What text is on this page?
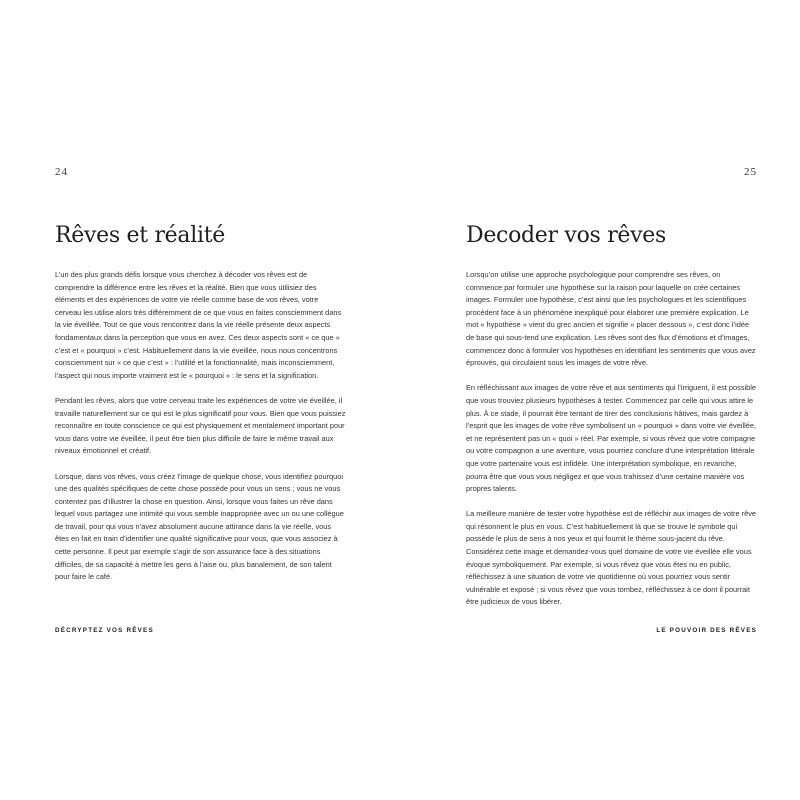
24
Rêves et réalité

L’un des plus grands défis lorsque vous cherchez à décoder vos rêves est de comprendre la différence entre les rêves et la réalité. Bien que vous utilisiez des éléments et des expériences de votre vie réelle comme base de vos rêves, votre cerveau les utilise alors très différemment de ce que vous en faites consciemment dans la vie éveillée. Tout ce que vous rencontrez dans la vie réelle présente deux aspects fondamentaux dans la perception que vous en avez. Ces deux aspects sont « ce que » c’est et « pourquoi » c’est. Habituellement dans la vie éveillée, nous nous concentrons consciemment sur « ce que c’est » : l’utilité et la fonctionnalité, mais inconsciemment, l’aspect qui nous importe vraiment est le « pourquoi » : le sens et la signification.

Pendant les rêves, alors que votre cerveau traite les expériences de votre vie éveillée, il travaille naturellement sur ce qui est le plus significatif pour vous. Bien que vous puissiez reconnaître en toute conscience ce qui est physiquement et mentalement important pour vous dans votre vie éveillée, il peut être bien plus difficile de faire le même travail aux niveaux émotionnel et créatif.

Lorsque, dans vos rêves, vous créez l’image de quelque chose, vous identifiez pourquoi une des qualités spécifiques de cette chose possède pour vous un sens ; vous ne vous contentez pas d’illustrer la chose en question. Ainsi, lorsque vous faites un rêve dans lequel vous partagez une intimité qui vous semble inappropriée avec un ou une collègue de travail, pour qui vous n’avez absolument aucune attirance dans la vie réelle, vous êtes en fait en train d’identifier une qualité significative pour vous, que vous associez à cette personne. Il peut par exemple s’agir de son assurance face à des situations difficiles, de sa capacité à mettre les gens à l’aise ou, plus banalement, de son talent pour faire le café.

DÉCRYPTEZ VOS RÊVES
25
Decoder vos rêves

Lorsqu’on utilise une approche psychologique pour comprendre ses rêves, on commence par formuler une hypothèse sur la raison pour laquelle on crée certaines images. Formuler une hypothèse, c’est ainsi que les psychologues et les scientifiques procèdent face à un phénomène inexpliqué pour élaborer une première explication. Le mot « hypothèse » vient du grec ancien et signifie « placer dessous », c’est donc l’idée de base qui sous-tend une explication. Les rêves sont des flux d’émotions et d’images, commencez donc à formuler vos hypothèses en identifiant les sentiments que vous avez éprouvés, qui circulaient sous les images de votre rêve.

En réfléchissant aux images de votre rêve et aux sentiments qui l’irriguent, il est possible que vous trouviez plusieurs hypothèses à tester. Commencez par celle qui vous attire le plus. À ce stade, il pourrait être tentant de tirer des conclusions hâtives, mais gardez à l’esprit que les images de votre rêve symbolisent un « pourquoi » dans votre vie éveillée, et ne représentent pas un « quoi » réel. Par exemple, si vous rêvez que votre compagne ou votre compagnon a une aventure, vous pourriez conclure d’une interprétation littérale que votre partenaire vous est infidèle. Une interprétation symbolique, en revanche, pourra être que vous vous négligez et que vous trahissez d’une certaine manière vos propres talents.

La meilleure manière de tester votre hypothèse est de réfléchir aux images de votre rêve qui résonnent le plus en vous. C’est habituellement là que se trouve le symbole qui possède le plus de sens à nos yeux et qui fournit le thème sous-jacent du rêve. Considérez cette image et demandez-vous quel domaine de votre vie éveillée elle vous évoque symboliquement. Par exemple, si vous rêvez que vous êtes nu en public, réfléchissez à une situation de votre vie quotidienne où vous pourriez vous sentir vulnérable et exposé ; si vous rêvez que vous tombez, réfléchissez à ce dont il pourrait être judicieux de vous libérer.

LE POUVOIR DES RÊVES
